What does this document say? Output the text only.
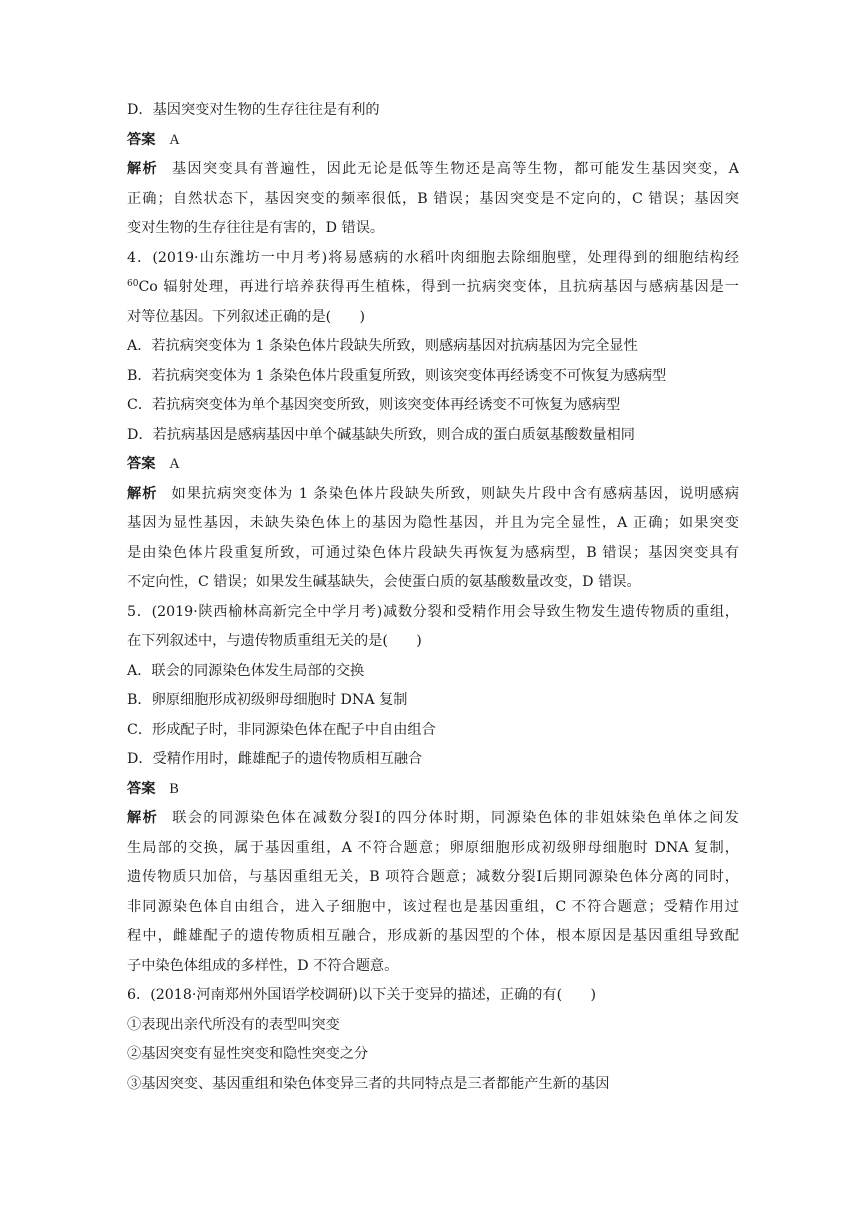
D．基因突变对生物的生存往往是有利的
答案 A
解析 基因突变具有普遍性，因此无论是低等生物还是高等生物，都可能发生基因突变，A
正确；自然状态下，基因突变的频率很低，B 错误；基因突变是不定向的，C 错误；基因突
变对生物的生存往往是有害的，D 错误。
4．(2019·山东潍坊一中月考)将易感病的水稻叶肉细胞去除细胞壁，处理得到的细胞结构经
$^{60}$Co 辐射处理，再进行培养获得再生植株，得到一抗病突变体，且抗病基因与感病基因是一
对等位基因。下列叙述正确的是(　　)
A．若抗病突变体为 1 条染色体片段缺失所致，则感病基因对抗病基因为完全显性
B．若抗病突变体为 1 条染色体片段重复所致，则该突变体再经诱变不可恢复为感病型
C．若抗病突变体为单个基因突变所致，则该突变体再经诱变不可恢复为感病型
D．若抗病基因是感病基因中单个碱基缺失所致，则合成的蛋白质氨基酸数量相同
答案 A
解析 如果抗病突变体为 1 条染色体片段缺失所致，则缺失片段中含有感病基因，说明感病
基因为显性基因，未缺失染色体上的基因为隐性基因，并且为完全显性，A 正确；如果突变
是由染色体片段重复所致，可通过染色体片段缺失再恢复为感病型，B 错误；基因突变具有
不定向性，C 错误；如果发生碱基缺失，会使蛋白质的氨基酸数量改变，D 错误。
5．(2019·陕西榆林高新完全中学月考)减数分裂和受精作用会导致生物发生遗传物质的重组，
在下列叙述中，与遗传物质重组无关的是(　　)
A．联会的同源染色体发生局部的交换
B．卵原细胞形成初级卵母细胞时 DNA 复制
C．形成配子时，非同源染色体在配子中自由组合
D．受精作用时，雌雄配子的遗传物质相互融合
答案 B
解析 联会的同源染色体在减数分裂Ⅰ的四分体时期，同源染色体的非姐妹染色单体之间发
生局部的交换，属于基因重组，A 不符合题意；卵原细胞形成初级卵母细胞时 DNA 复制，
遗传物质只加倍，与基因重组无关，B 项符合题意；减数分裂Ⅰ后期同源染色体分离的同时，
非同源染色体自由组合，进入子细胞中，该过程也是基因重组，C 不符合题意；受精作用过
程中，雌雄配子的遗传物质相互融合，形成新的基因型的个体，根本原因是基因重组导致配
子中染色体组成的多样性，D 不符合题意。
6．(2018·河南郑州外国语学校调研)以下关于变异的描述，正确的有(　　)
①表现出亲代所没有的表型叫突变
②基因突变有显性突变和隐性突变之分
③基因突变、基因重组和染色体变异三者的共同特点是三者都能产生新的基因
